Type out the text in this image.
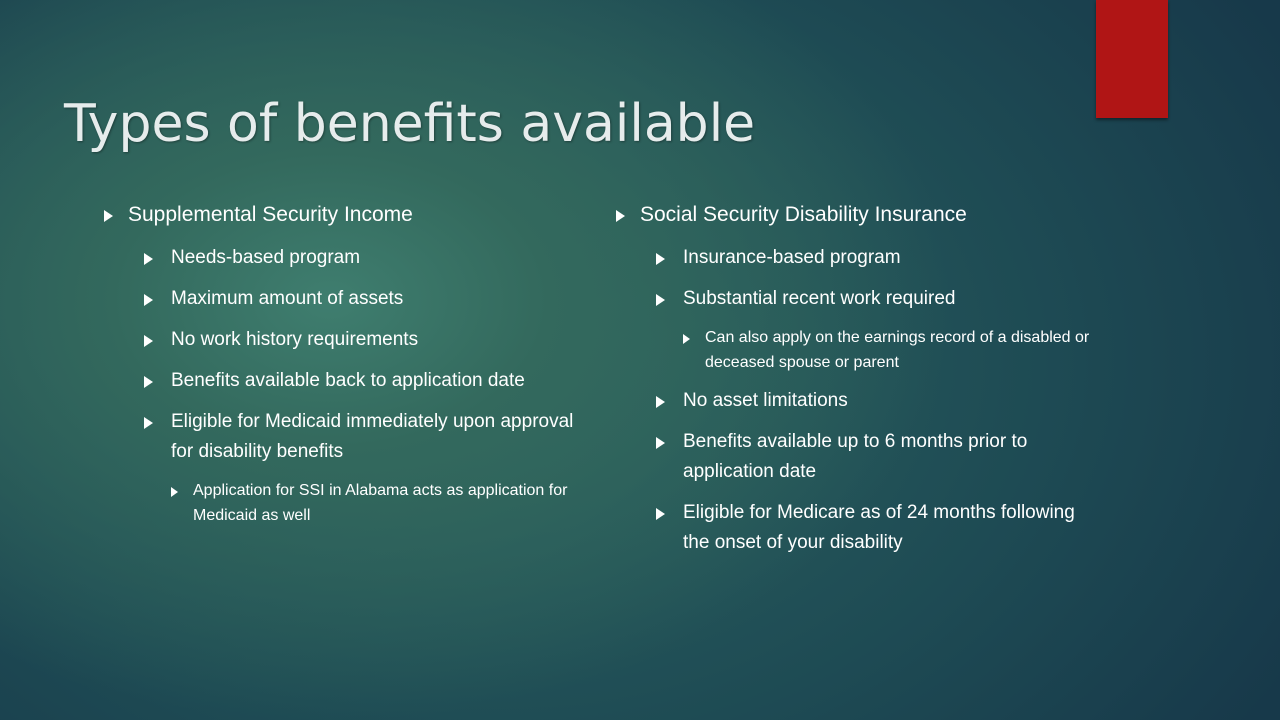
Types of benefits available

Supplemental Security Income

Needs-based program

Maximum amount of assets

No work history requirements

Benefits available back to application date

Eligible for Medicaid immediately upon approval for disability benefits

Application for SSI in Alabama acts as application for Medicaid as well

Social Security Disability Insurance

Insurance-based program

Substantial recent work required

Can also apply on the earnings record of a disabled or deceased spouse or parent

No asset limitations

Benefits available up to 6 months prior to application date

Eligible for Medicare as of 24 months following the onset of your disability
